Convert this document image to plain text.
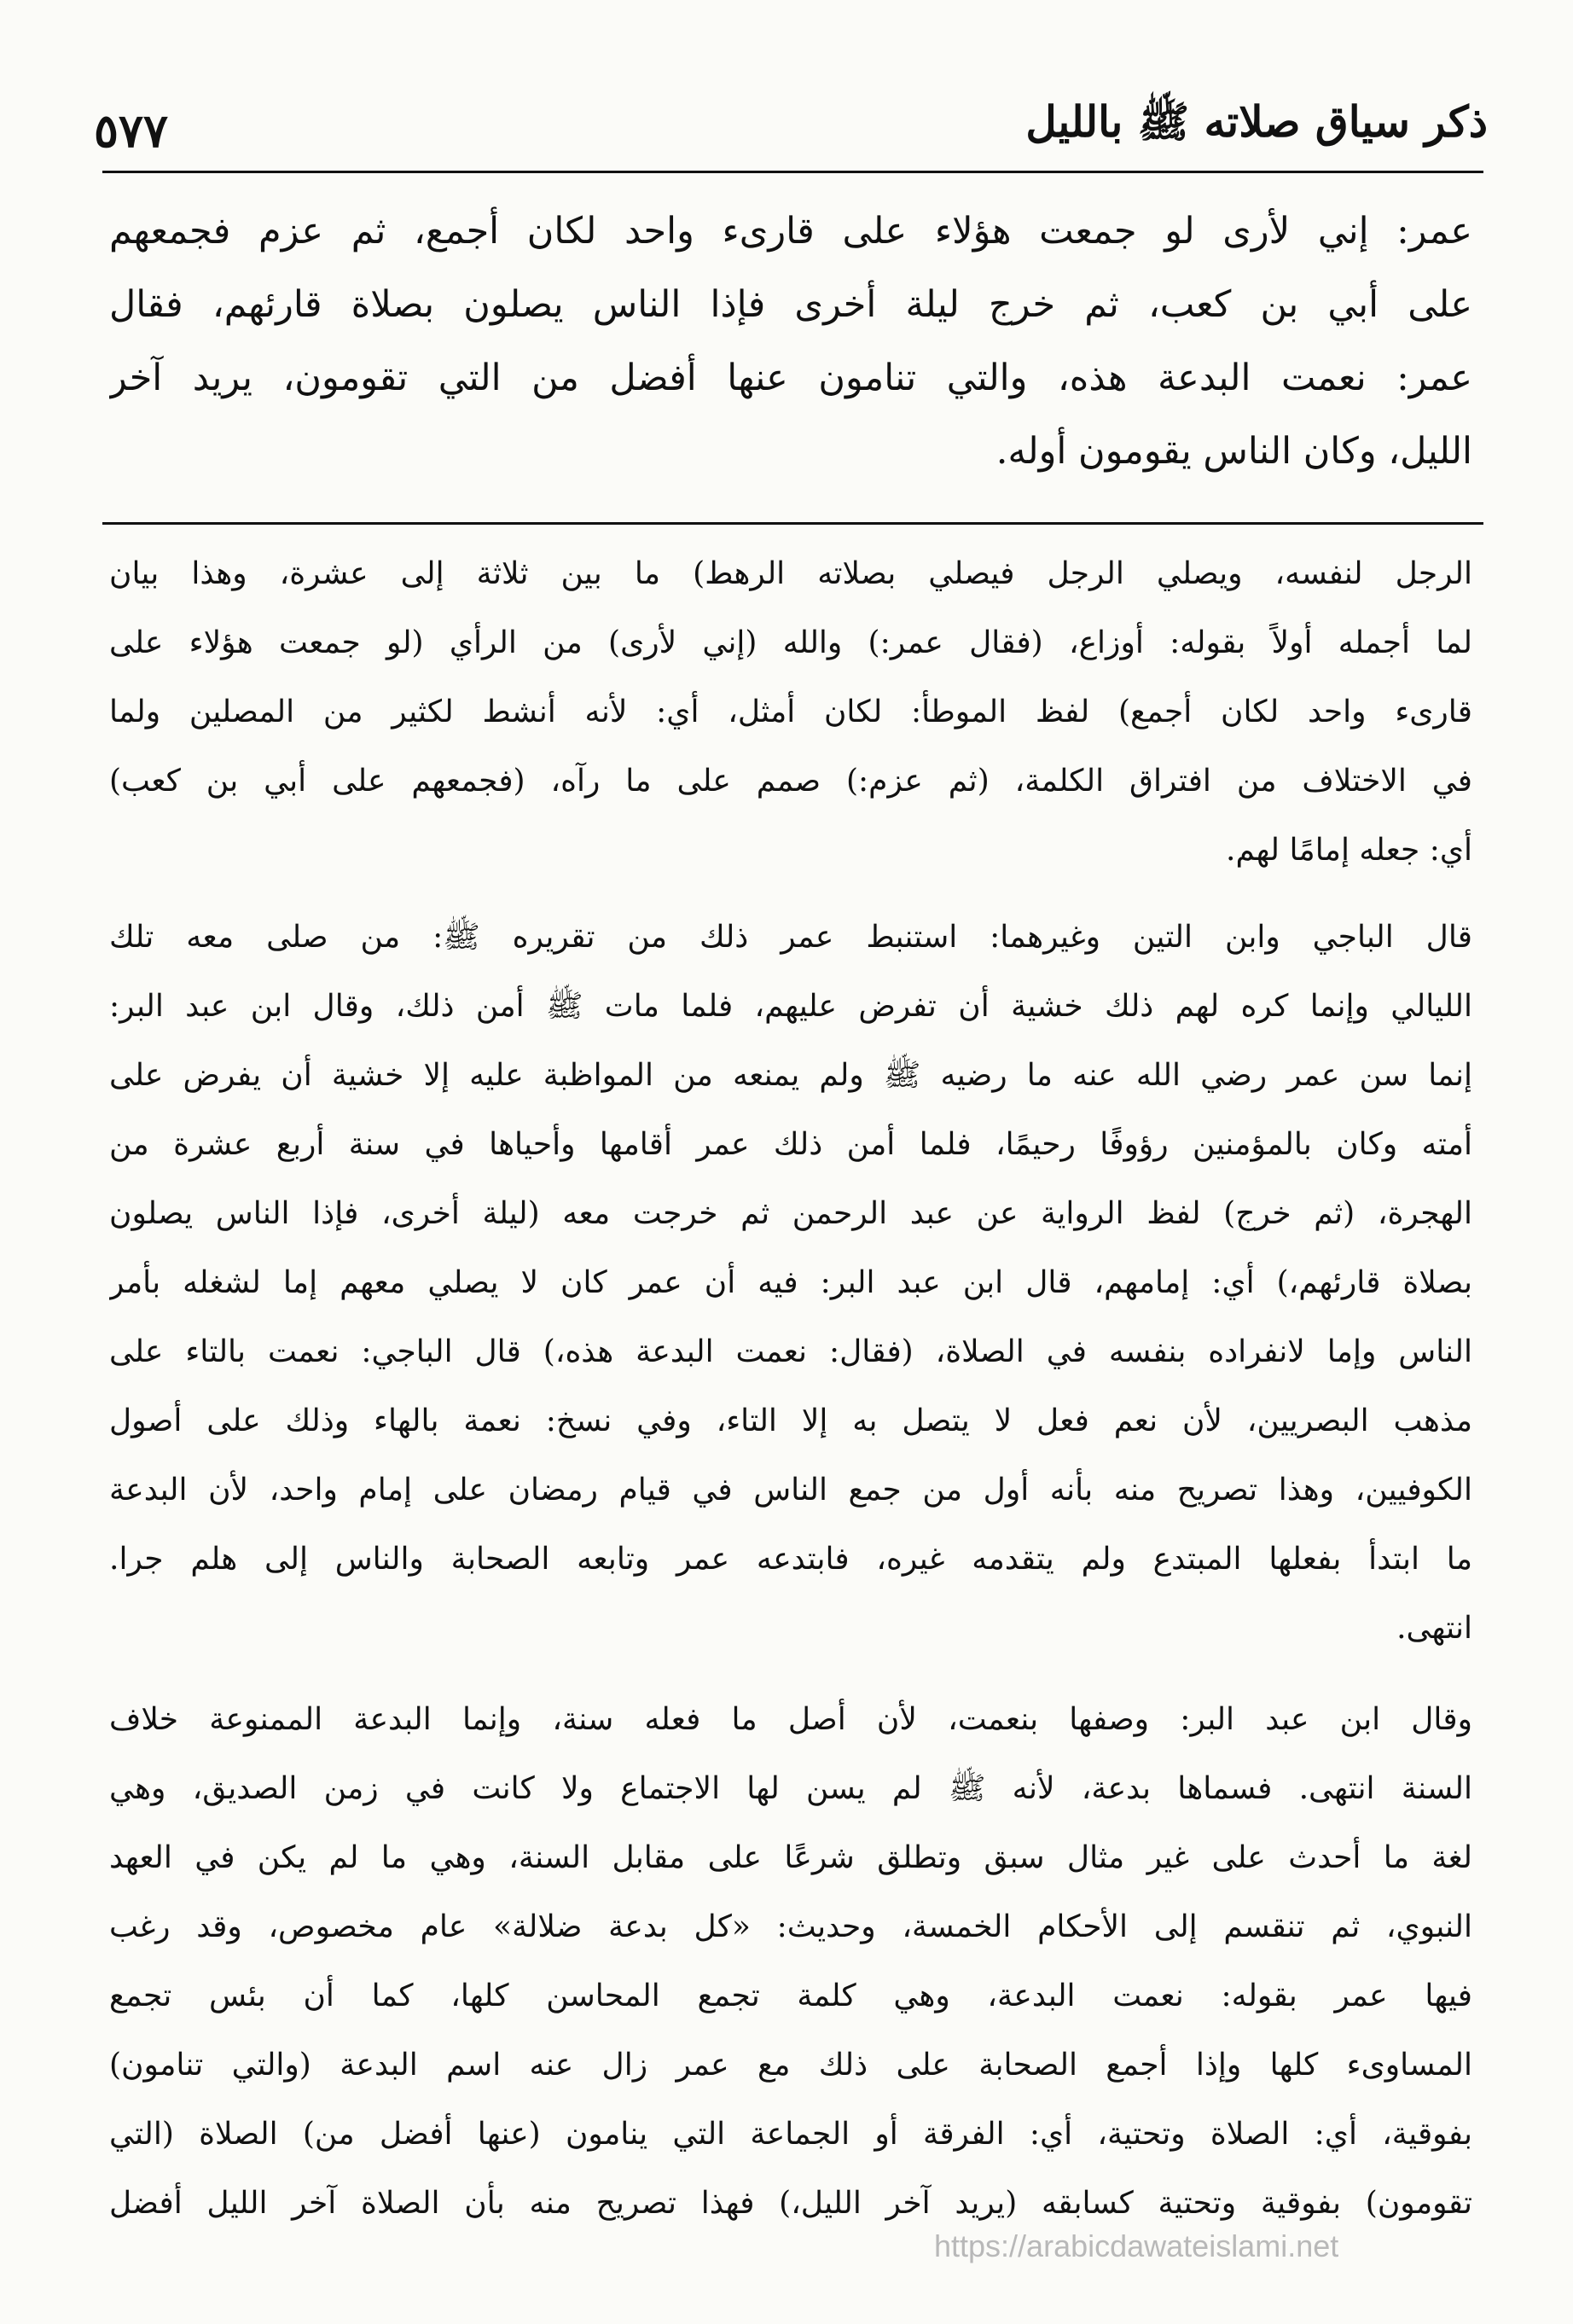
ذكر سياق صلاته ﷺ بالليل
٥٧٧
عمر: إني لأرى لو جمعت هؤلاء على قارىء واحد لكان أجمع، ثم عزم فجمعهم
على أبي بن كعب، ثم خرج ليلة أخرى فإذا الناس يصلون بصلاة قارئهم، فقال
عمر: نعمت البدعة هذه، والتي تنامون عنها أفضل من التي تقومون، يريد آخر
الليل، وكان الناس يقومون أوله.
الرجل لنفسه، ويصلي الرجل فيصلي بصلاته الرهط) ما بين ثلاثة إلى عشرة، وهذا بيان
لما أجمله أولاً بقوله: أوزاع، (فقال عمر:) والله (إني لأرى) من الرأي (لو جمعت هؤلاء على
قارىء واحد لكان أجمع) لفظ الموطأ: لكان أمثل، أي: لأنه أنشط لكثير من المصلين ولما
في الاختلاف من افتراق الكلمة، (ثم عزم:) صمم على ما رآه، (فجمعهم على أبي بن كعب)
أي: جعله إمامًا لهم.
قال الباجي وابن التين وغيرهما: استنبط عمر ذلك من تقريره ﷺ: من صلى معه تلك
الليالي وإنما كره لهم ذلك خشية أن تفرض عليهم، فلما مات ﷺ أمن ذلك، وقال ابن عبد البر:
إنما سن عمر رضي الله عنه ما رضيه ﷺ ولم يمنعه من المواظبة عليه إلا خشية أن يفرض على
أمته وكان بالمؤمنين رؤوفًا رحيمًا، فلما أمن ذلك عمر أقامها وأحياها في سنة أربع عشرة من
الهجرة، (ثم خرج) لفظ الرواية عن عبد الرحمن ثم خرجت معه (ليلة أخرى، فإذا الناس يصلون
بصلاة قارئهم،) أي: إمامهم، قال ابن عبد البر: فيه أن عمر كان لا يصلي معهم إما لشغله بأمر
الناس وإما لانفراده بنفسه في الصلاة، (فقال: نعمت البدعة هذه،) قال الباجي: نعمت بالتاء على
مذهب البصريين، لأن نعم فعل لا يتصل به إلا التاء، وفي نسخ: نعمة بالهاء وذلك على أصول
الكوفيين، وهذا تصريح منه بأنه أول من جمع الناس في قيام رمضان على إمام واحد، لأن البدعة
ما ابتدأ بفعلها المبتدع ولم يتقدمه غيره، فابتدعه عمر وتابعه الصحابة والناس إلى هلم جرا.
انتهى.
وقال ابن عبد البر: وصفها بنعمت، لأن أصل ما فعله سنة، وإنما البدعة الممنوعة خلاف
السنة انتهى. فسماها بدعة، لأنه ﷺ لم يسن لها الاجتماع ولا كانت في زمن الصديق، وهي
لغة ما أحدث على غير مثال سبق وتطلق شرعًا على مقابل السنة، وهي ما لم يكن في العهد
النبوي، ثم تنقسم إلى الأحكام الخمسة، وحديث: «كل بدعة ضلالة» عام مخصوص، وقد رغب
فيها عمر بقوله: نعمت البدعة، وهي كلمة تجمع المحاسن كلها، كما أن بئس تجمع
المساوىء كلها وإذا أجمع الصحابة على ذلك مع عمر زال عنه اسم البدعة (والتي تنامون)
بفوقية، أي: الصلاة وتحتية، أي: الفرقة أو الجماعة التي ينامون (عنها أفضل من) الصلاة (التي
تقومون) بفوقية وتحتية كسابقه (يريد آخر الليل،) فهذا تصريح منه بأن الصلاة آخر الليل أفضل
https://arabicdawateislami.net
